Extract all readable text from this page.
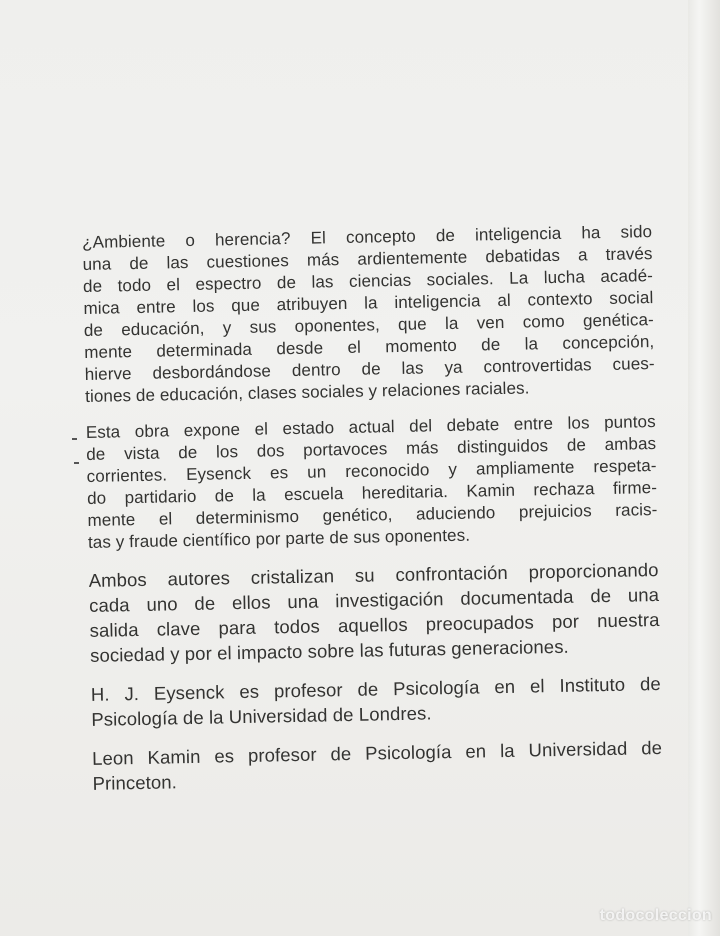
¿Ambiente o herencia? El concepto de inteligencia ha sido
una de las cuestiones más ardientemente debatidas a través
de todo el espectro de las ciencias sociales. La lucha acadé-
mica entre los que atribuyen la inteligencia al contexto social
de educación, y sus oponentes, que la ven como genética-
mente determinada desde el momento de la concepción,
hierve desbordándose dentro de las ya controvertidas cues-
tiones de educación, clases sociales y relaciones raciales.
Esta obra expone el estado actual del debate entre los puntos
de vista de los dos portavoces más distinguidos de ambas
corrientes. Eysenck es un reconocido y ampliamente respeta-
do partidario de la escuela hereditaria. Kamin rechaza firme-
mente el determinismo genético, aduciendo prejuicios racis-
tas y fraude científico por parte de sus oponentes.
Ambos autores cristalizan su confrontación proporcionando
cada uno de ellos una investigación documentada de una
salida clave para todos aquellos preocupados por nuestra
sociedad y por el impacto sobre las futuras generaciones.
H. J. Eysenck es profesor de Psicología en el Instituto de
Psicología de la Universidad de Londres.
Leon Kamin es profesor de Psicología en la Universidad de
Princeton.
todocoleccion
